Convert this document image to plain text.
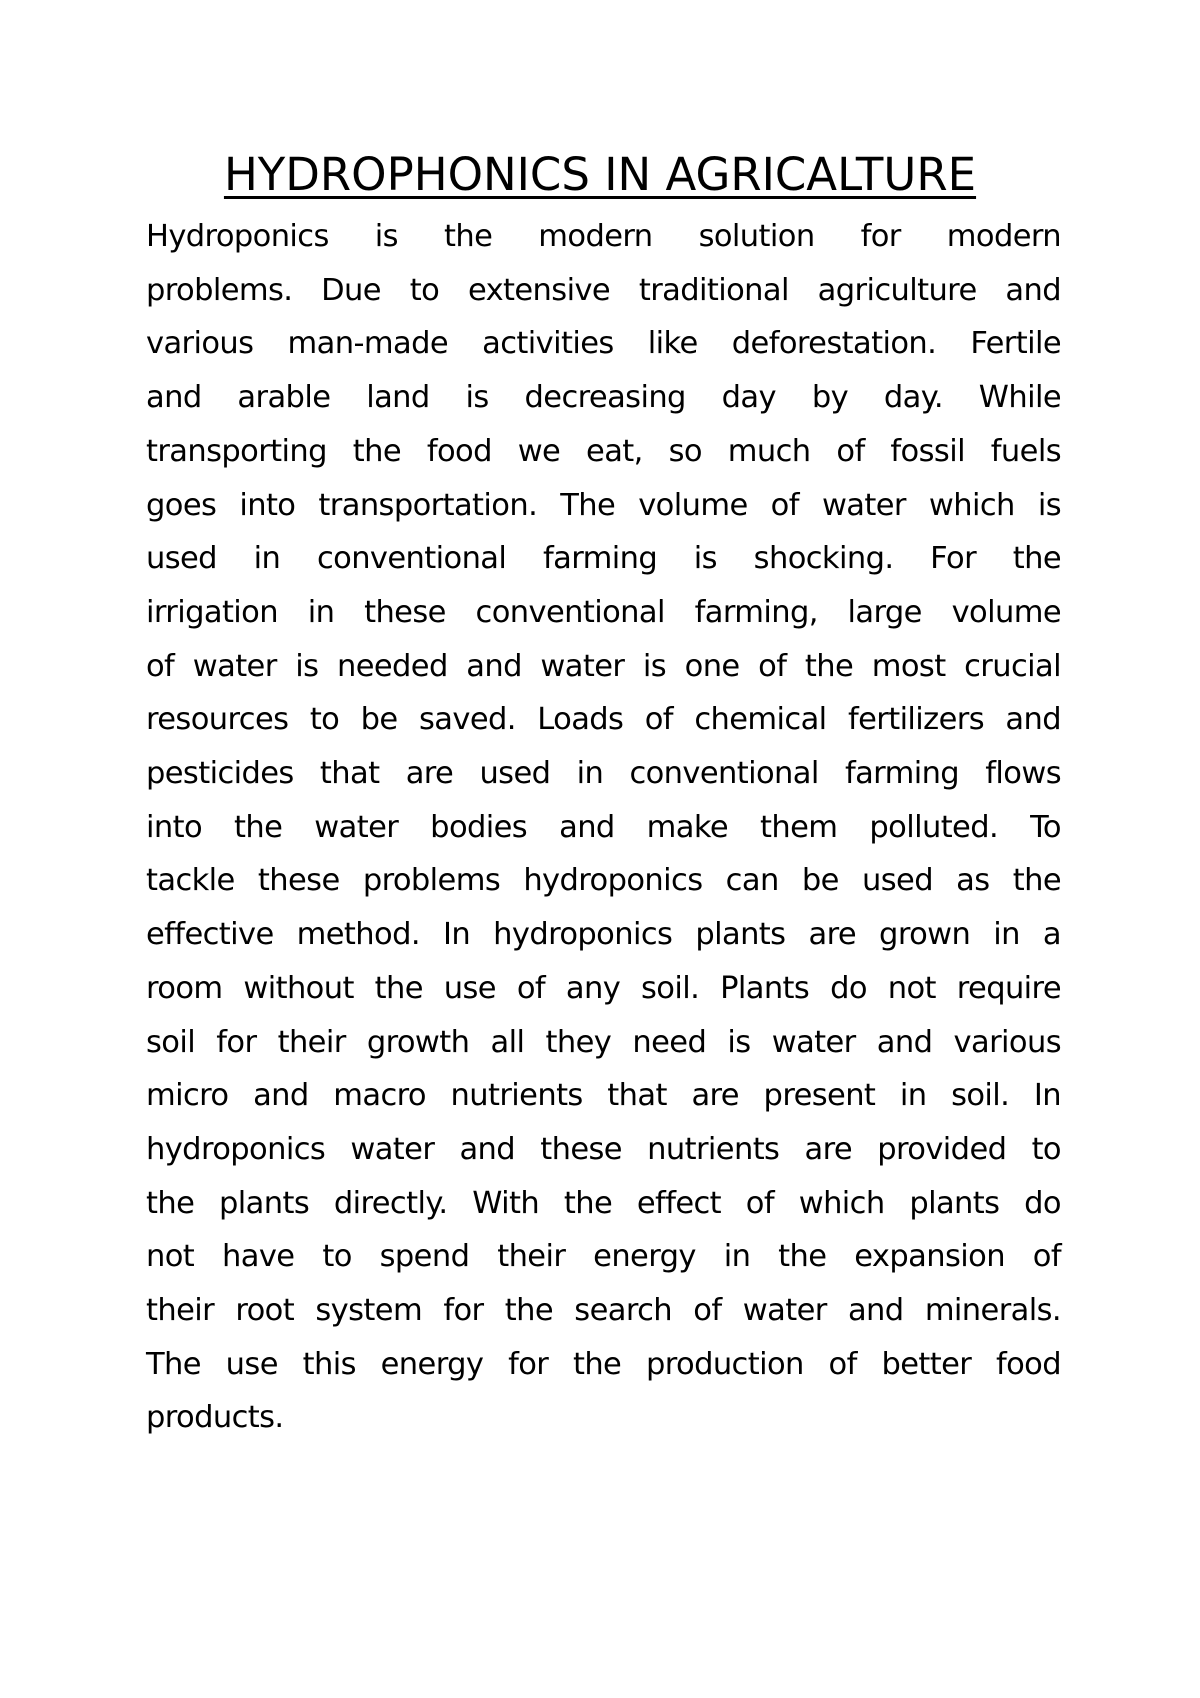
HYDROPHONICS IN AGRICALTURE
Hydroponics is the modern solution for modern
problems. Due to extensive traditional agriculture and
various man-made activities like deforestation. Fertile
and arable land is decreasing day by day. While
transporting the food we eat, so much of fossil fuels
goes into transportation. The volume of water which is
used in conventional farming is shocking. For the
irrigation in these conventional farming, large volume
of water is needed and water is one of the most crucial
resources to be saved. Loads of chemical fertilizers and
pesticides that are used in conventional farming flows
into the water bodies and make them polluted. To
tackle these problems hydroponics can be used as the
effective method. In hydroponics plants are grown in a
room without the use of any soil. Plants do not require
soil for their growth all they need is water and various
micro and macro nutrients that are present in soil. In
hydroponics water and these nutrients are provided to
the plants directly. With the effect of which plants do
not have to spend their energy in the expansion of
their root system for the search of water and minerals.
The use this energy for the production of better food
products.
